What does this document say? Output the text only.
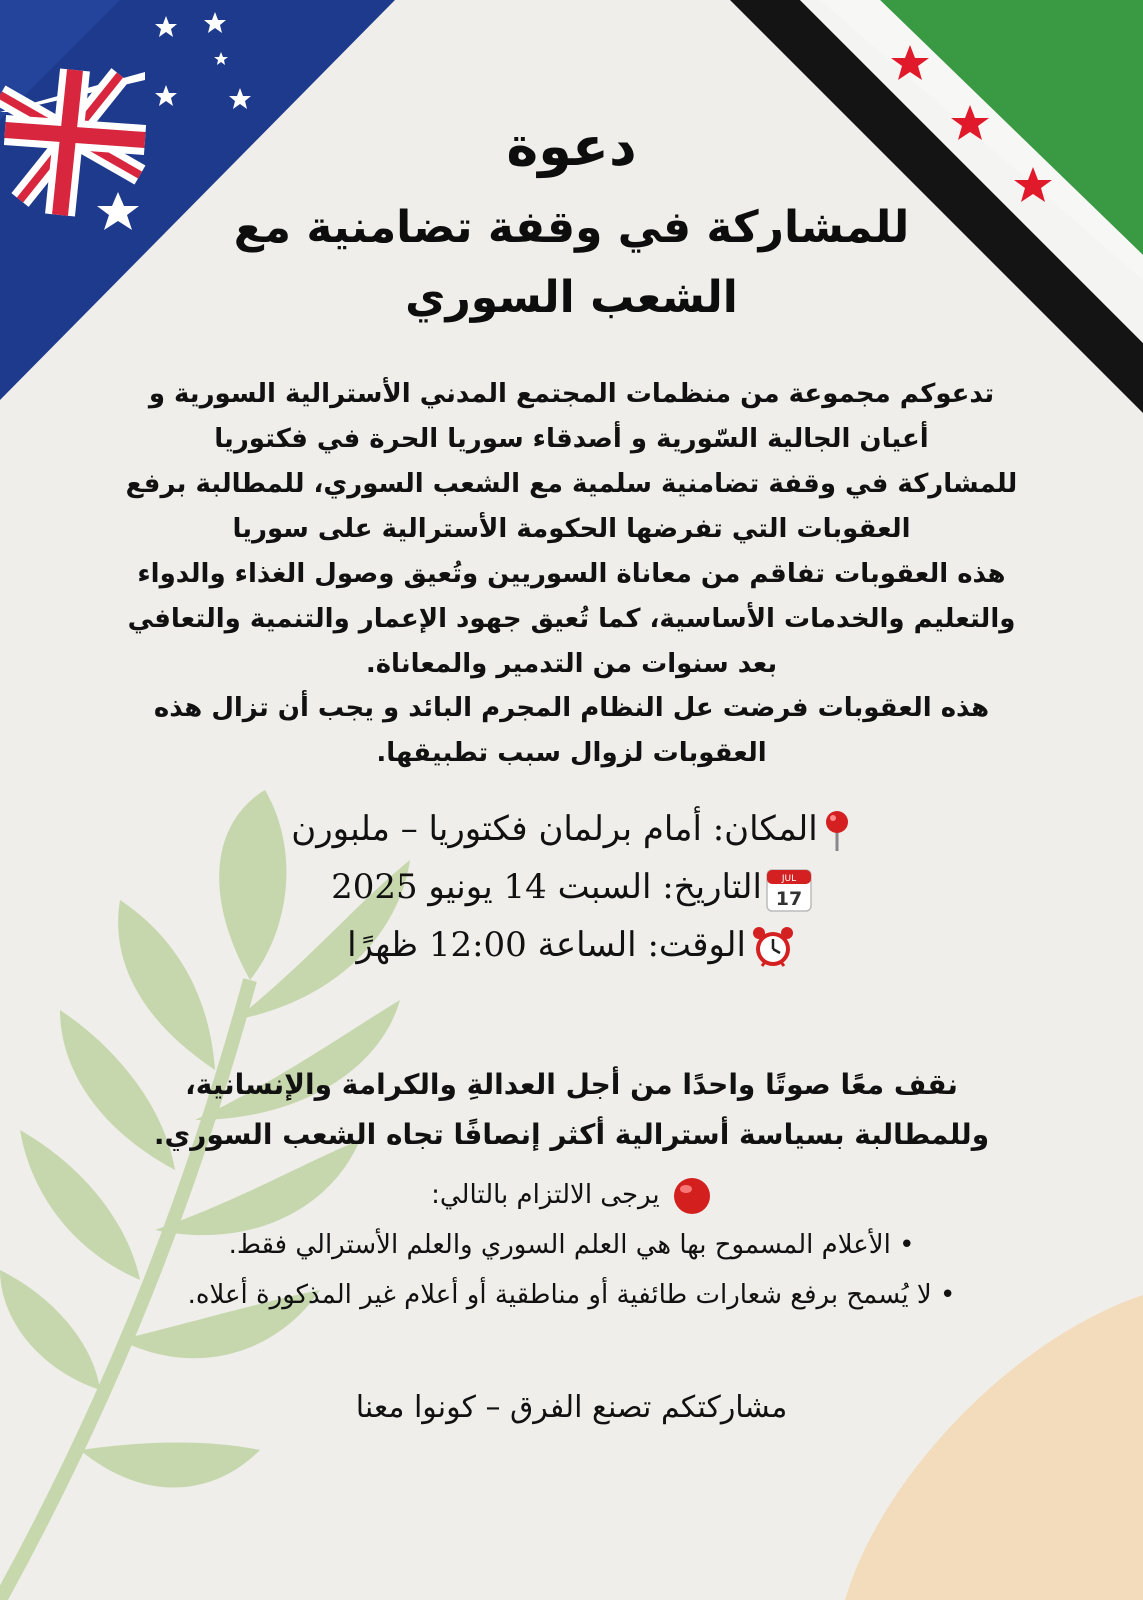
دعوة
للمشاركة في وقفة تضامنية مع
الشعب السوري
تدعوكم مجموعة من منظمات المجتمع المدني الأسترالية السورية و
أعيان الجالية السّورية و أصدقاء سوريا الحرة في فكتوريا
للمشاركة في وقفة تضامنية سلمية مع الشعب السوري، للمطالبة برفع
العقوبات التي تفرضها الحكومة الأسترالية على سوريا
هذه العقوبات تفاقم من معاناة السوريين وتُعيق وصول الغذاء والدواء
والتعليم والخدمات الأساسية، كما تُعيق جهود الإعمار والتنمية والتعافي
بعد سنوات من التدمير والمعاناة.
هذه العقوبات فرضت عل النظام المجرم البائد و يجب أن تزال هذه
العقوبات لزوال سبب تطبيقها.
المكان: أمام برلمان فكتوريا – ملبورن
JUL
17
التاريخ: السبت 14 يونيو 2025
الوقت: الساعة 12:00 ظهرًا
نقف معًا صوتًا واحدًا من أجل العدالةِ والكرامة والإنسانية،
وللمطالبة بسياسة أسترالية أكثر إنصافًا تجاه الشعب السوري.
يرجى الالتزام بالتالي:
• الأعلام المسموح بها هي العلم السوري والعلم الأسترالي فقط.
• لا يُسمح برفع شعارات طائفية أو مناطقية أو أعلام غير المذكورة أعلاه.
مشاركتكم تصنع الفرق – كونوا معنا
